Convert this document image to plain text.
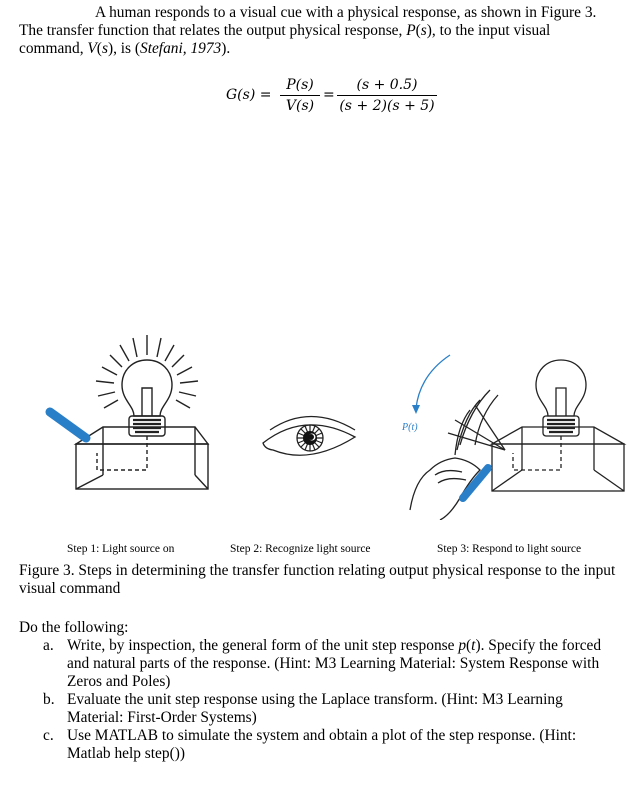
A human responds to a visual cue with a physical response, as shown in Figure 3.
The transfer function that relates the output physical response, P(s), to the input visual
command, V(s), is (Stefani, 1973).
G(s) =
P(s)
V(s)
=
(s + 0.5)
(s + 2)(s + 5)
P(t)
Step 1: Light source on	Step 2: Recognize light source	Step 3: Respond to light source
Figure 3. Steps in determining the transfer function relating output physical response to the input
visual command
Do the following:
a. Write, by inspection, the general form of the unit step response p(t). Specify the forced
and natural parts of the response. (Hint: M3 Learning Material: System Response with
Zeros and Poles)
b. Evaluate the unit step response using the Laplace transform. (Hint: M3 Learning
Material: First-Order Systems)
c. Use MATLAB to simulate the system and obtain a plot of the step response. (Hint:
Matlab help step())
